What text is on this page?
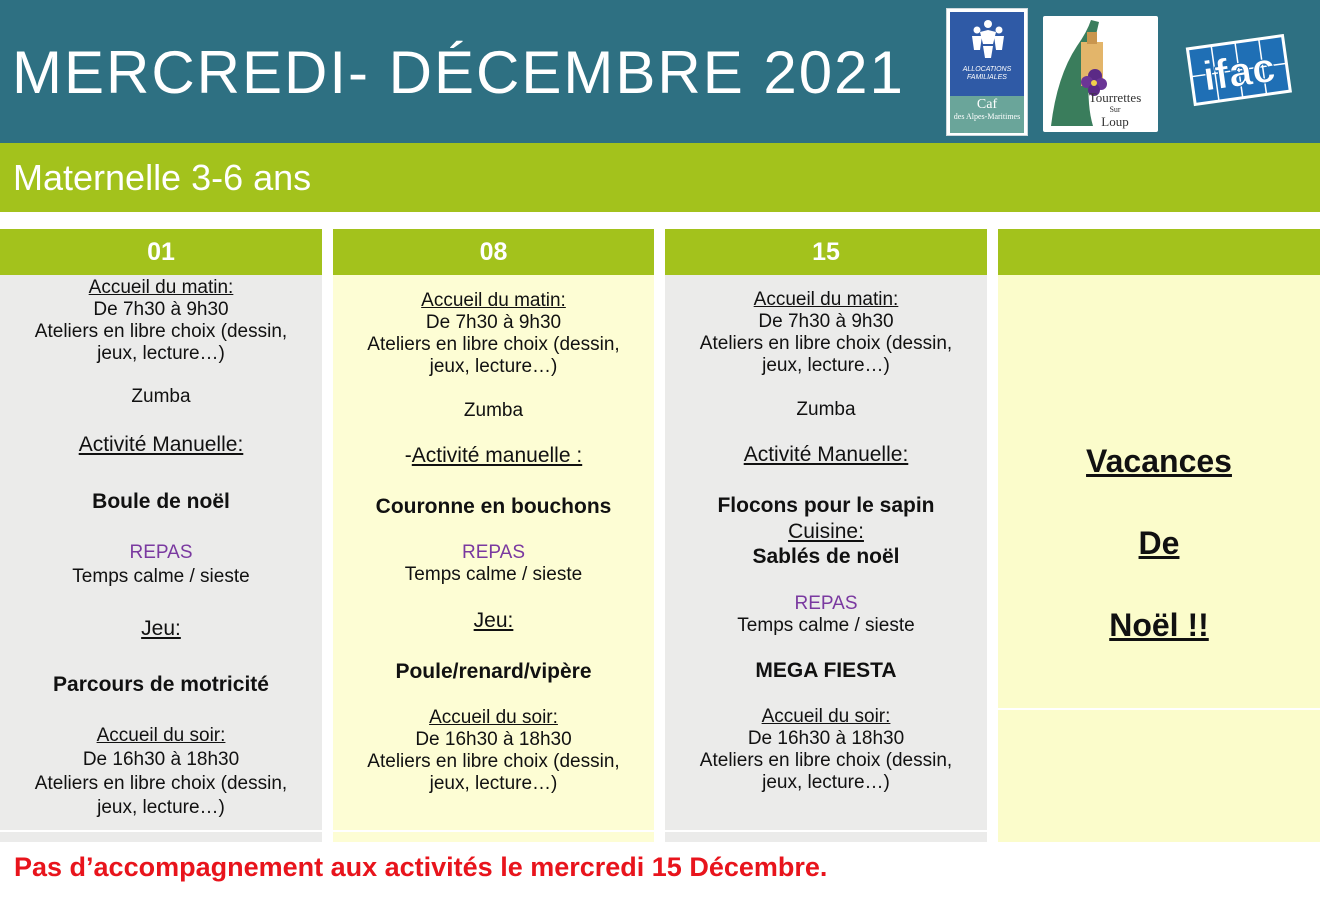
MERCREDI- DÉCEMBRE 2021	ALLOCATIONS FAMILIALES
Caf
des Alpes-Maritimes
Tourrettes
Sur
Loup
ifac
Maternelle 3-6 ans
01
Accueil du matin:
De 7h30 à 9h30
Ateliers en libre choix (dessin,
jeux, lecture…)
Zumba
Activité Manuelle:
Boule de noël
REPAS
Temps calme / sieste
Jeu:
Parcours de motricité
Accueil du soir:
De 16h30 à 18h30
Ateliers en libre choix (dessin,
jeux, lecture…)
08
Accueil du matin:
De 7h30 à 9h30
Ateliers en libre choix (dessin,
jeux, lecture…)
Zumba
-Activité manuelle :
Couronne en bouchons
REPAS
Temps calme / sieste
Jeu:
Poule/renard/vipère
Accueil du soir:
De 16h30 à 18h30
Ateliers en libre choix (dessin,
jeux, lecture…)
15
Accueil du matin:
De 7h30 à 9h30
Ateliers en libre choix (dessin,
jeux, lecture…)
Zumba
Activité Manuelle:
Flocons pour le sapin
Cuisine:
Sablés de noël
REPAS
Temps calme / sieste
MEGA FIESTA
Accueil du soir:
De 16h30 à 18h30
Ateliers en libre choix (dessin,
jeux, lecture…)
Vacances
De
Noël !!
Pas d’accompagnement aux activités le mercredi 15 Décembre.
